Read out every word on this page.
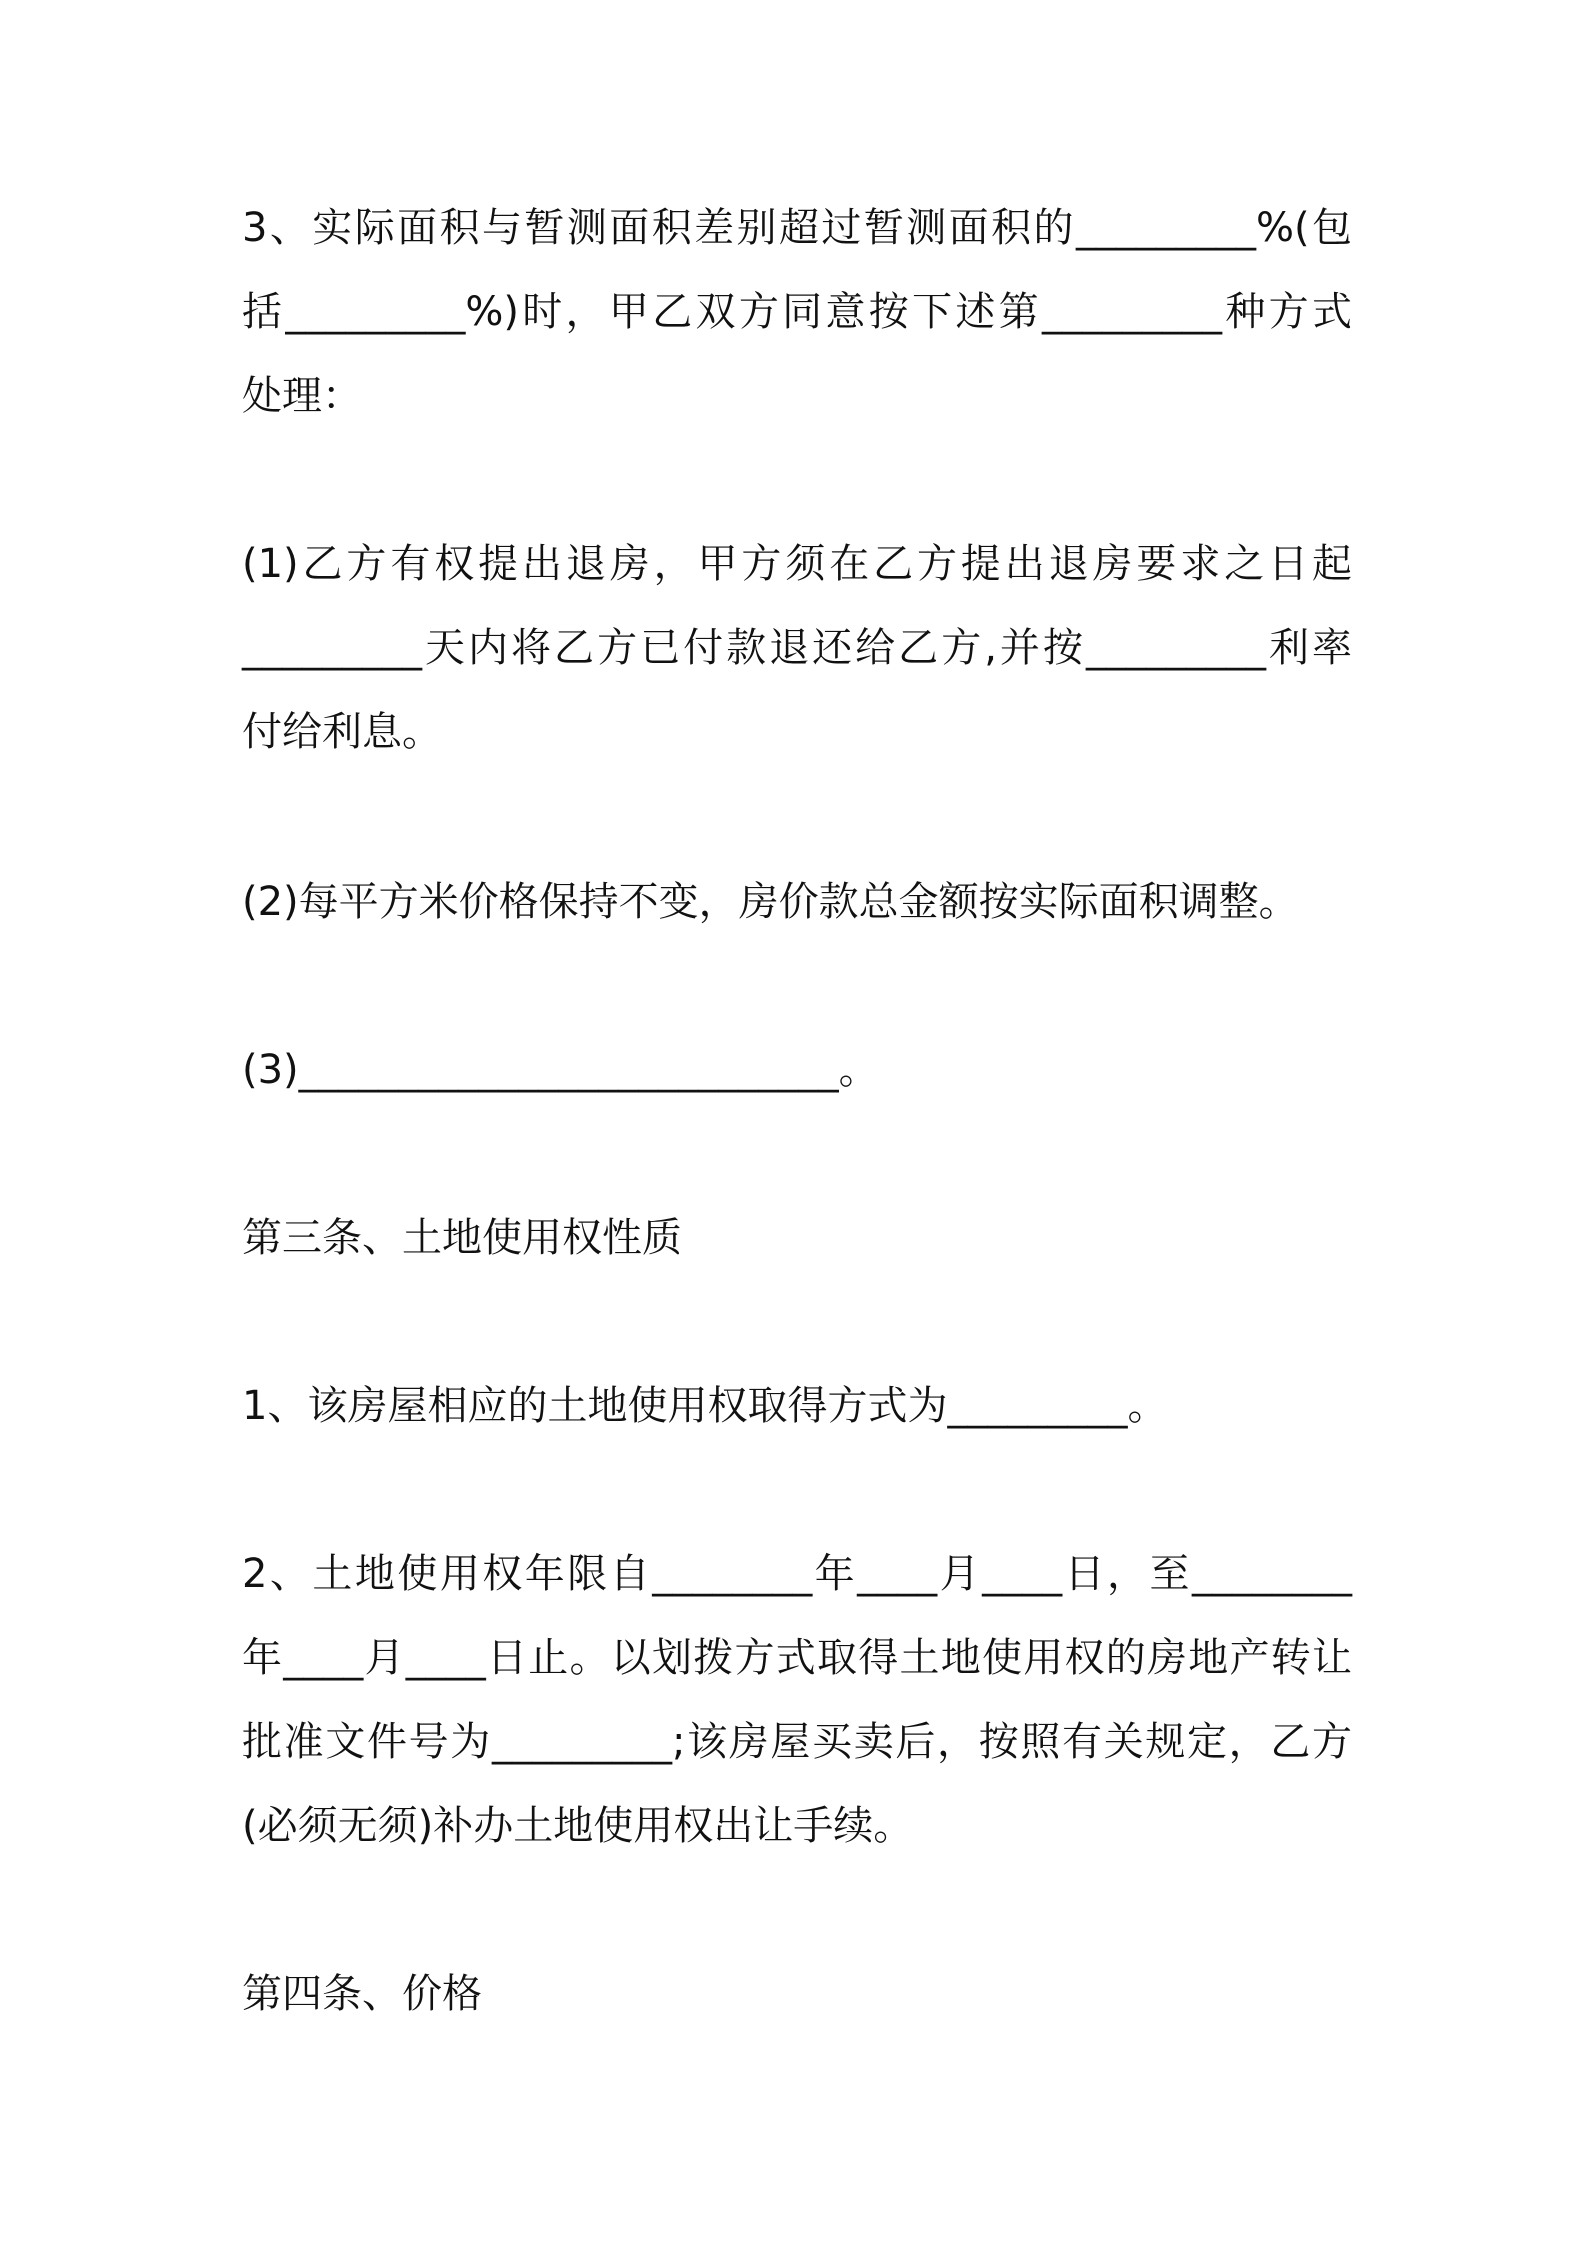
3、实际面积与暂测面积差别超过暂测面积的_________%(包
括_________%)时，甲乙双方同意按下述第_________种方式
处理：
(1)乙方有权提出退房，甲方须在乙方提出退房要求之日起
_________天内将乙方已付款退还给乙方,并按_________利率
付给利息。
(2)每平方米价格保持不变，房价款总金额按实际面积调整。
(3)___________________________。

第三条、土地使用权性质

1、该房屋相应的土地使用权取得方式为_________。
2、土地使用权年限自________年____月____日，至________
年____月____日止。以划拨方式取得土地使用权的房地产转让
批准文件号为_________;该房屋买卖后，按照有关规定，乙方
(必须无须)补办土地使用权出让手续。

第四条、价格
